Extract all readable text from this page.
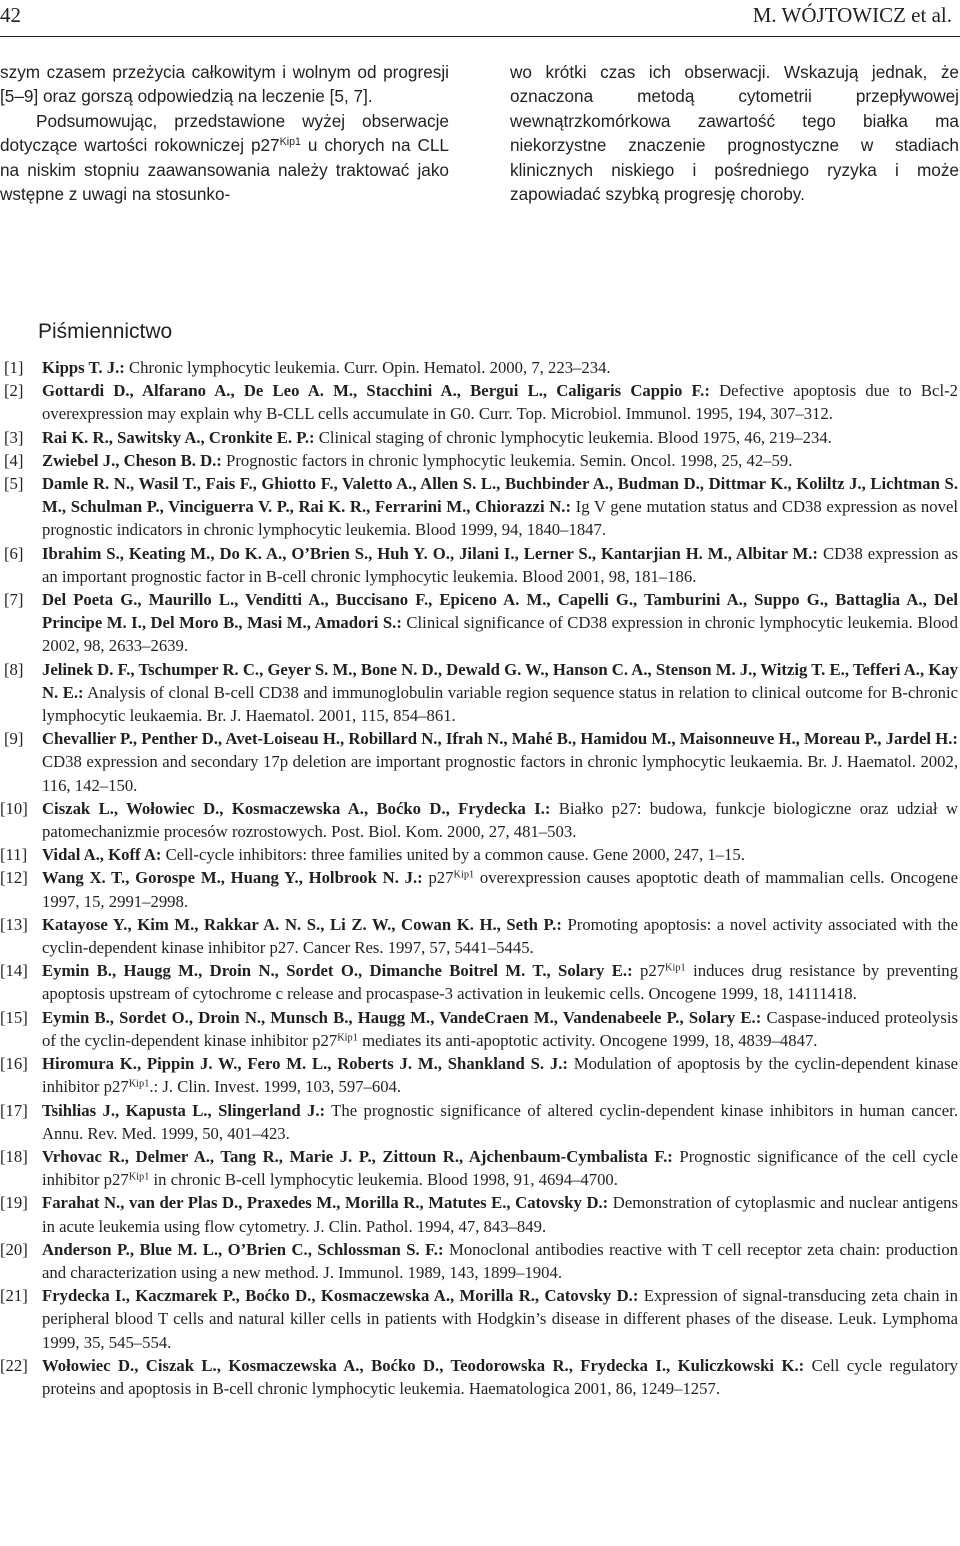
42	M. WÓJTOWICZ et al.

szym czasem przeżycia całkowitym i wolnym od progresji [5–9] oraz gorszą odpowiedzią na leczenie [5, 7].

Podsumowując, przedstawione wyżej obserwacje dotyczące wartości rokowniczej $p27^{Kip1}$ u chorych na CLL na niskim stopniu zaawansowania należy traktować jako wstępne z uwagi na stosunko-

wo krótki czas ich obserwacji. Wskazują jednak, że oznaczona metodą cytometrii przepływowej wewnątrzkomórkowa zawartość tego białka ma niekorzystne znaczenie prognostyczne w stadiach klinicznych niskiego i pośredniego ryzyka i może zapowiadać szybką progresję choroby.

Piśmiennictwo
[1] Kipps T. J.: Chronic lymphocytic leukemia. Curr. Opin. Hematol. 2000, 7, 223–234.
[2] Gottardi D., Alfarano A., De Leo A. M., Stacchini A., Bergui L., Caligaris Cappio F.: Defective apoptosis due to Bcl-2 overexpression may explain why B-CLL cells accumulate in G0. Curr. Top. Microbiol. Immunol. 1995, 194, 307–312.
[3] Rai K. R., Sawitsky A., Cronkite E. P.: Clinical staging of chronic lymphocytic leukemia. Blood 1975, 46, 219–234.
[4] Zwiebel J., Cheson B. D.: Prognostic factors in chronic lymphocytic leukemia. Semin. Oncol. 1998, 25, 42–59.
[5] Damle R. N., Wasil T., Fais F., Ghiotto F., Valetto A., Allen S. L., Buchbinder A., Budman D., Dittmar K., Koliltz J., Lichtman S. M., Schulman P., Vinciguerra V. P., Rai K. R., Ferrarini M., Chiorazzi N.: Ig V gene mutation status and CD38 expression as novel prognostic indicators in chronic lymphocytic leukemia. Blood 1999, 94, 1840–1847.
[6] Ibrahim S., Keating M., Do K. A., O’Brien S., Huh Y. O., Jilani I., Lerner S., Kantarjian H. M., Albitar M.: CD38 expression as an important prognostic factor in B-cell chronic lymphocytic leukemia. Blood 2001, 98, 181–186.
[7] Del Poeta G., Maurillo L., Venditti A., Buccisano F., Epiceno A. M., Capelli G., Tamburini A., Suppo G., Battaglia A., Del Principe M. I., Del Moro B., Masi M., Amadori S.: Clinical significance of CD38 expression in chronic lymphocytic leukemia. Blood 2002, 98, 2633–2639.
[8] Jelinek D. F., Tschumper R. C., Geyer S. M., Bone N. D., Dewald G. W., Hanson C. A., Stenson M. J., Witzig T. E., Tefferi A., Kay N. E.: Analysis of clonal B-cell CD38 and immunoglobulin variable region sequence status in relation to clinical outcome for B-chronic lymphocytic leukaemia. Br. J. Haematol. 2001, 115, 854–861.
[9] Chevallier P., Penther D., Avet-Loiseau H., Robillard N., Ifrah N., Mahé B., Hamidou M., Maisonneuve H., Moreau P., Jardel H.: CD38 expression and secondary 17p deletion are important prognostic factors in chronic lymphocytic leukaemia. Br. J. Haematol. 2002, 116, 142–150.
[10] Ciszak L., Wołowiec D., Kosmaczewska A., Boćko D., Frydecka I.: Białko p27: budowa, funkcje biologiczne oraz udział w patomechanizmie procesów rozrostowych. Post. Biol. Kom. 2000, 27, 481–503.
[11] Vidal A., Koff A: Cell-cycle inhibitors: three families united by a common cause. Gene 2000, 247, 1–15.
[12] Wang X. T., Gorospe M., Huang Y., Holbrook N. J.: $p27^{Kip1}$ overexpression causes apoptotic death of mammalian cells. Oncogene 1997, 15, 2991–2998.
[13] Katayose Y., Kim M., Rakkar A. N. S., Li Z. W., Cowan K. H., Seth P.: Promoting apoptosis: a novel activity associated with the cyclin-dependent kinase inhibitor p27. Cancer Res. 1997, 57, 5441–5445.
[14] Eymin B., Haugg M., Droin N., Sordet O., Dimanche Boitrel M. T., Solary E.: $p27^{Kip1}$ induces drug resistance by preventing apoptosis upstream of cytochrome c release and procaspase-3 activation in leukemic cells. Oncogene 1999, 18, 14111418.
[15] Eymin B., Sordet O., Droin N., Munsch B., Haugg M., VandeCraen M., Vandenabeele P., Solary E.: Caspase-induced proteolysis of the cyclin-dependent kinase inhibitor $p27^{Kip1}$ mediates its anti-apoptotic activity. Oncogene 1999, 18, 4839–4847.
[16] Hiromura K., Pippin J. W., Fero M. L., Roberts J. M., Shankland S. J.: Modulation of apoptosis by the cyclin-dependent kinase inhibitor $p27^{Kip1}$.: J. Clin. Invest. 1999, 103, 597–604.
[17] Tsihlias J., Kapusta L., Slingerland J.: The prognostic significance of altered cyclin-dependent kinase inhibitors in human cancer. Annu. Rev. Med. 1999, 50, 401–423.
[18] Vrhovac R., Delmer A., Tang R., Marie J. P., Zittoun R., Ajchenbaum-Cymbalista F.: Prognostic significance of the cell cycle inhibitor $p27^{Kip1}$ in chronic B-cell lymphocytic leukemia. Blood 1998, 91, 4694–4700.
[19] Farahat N., van der Plas D., Praxedes M., Morilla R., Matutes E., Catovsky D.: Demonstration of cytoplasmic and nuclear antigens in acute leukemia using flow cytometry. J. Clin. Pathol. 1994, 47, 843–849.
[20] Anderson P., Blue M. L., O’Brien C., Schlossman S. F.: Monoclonal antibodies reactive with T cell receptor zeta chain: production and characterization using a new method. J. Immunol. 1989, 143, 1899–1904.
[21] Frydecka I., Kaczmarek P., Boćko D., Kosmaczewska A., Morilla R., Catovsky D.: Expression of signal-transducing zeta chain in peripheral blood T cells and natural killer cells in patients with Hodgkin’s disease in different phases of the disease. Leuk. Lymphoma 1999, 35, 545–554.
[22] Wołowiec D., Ciszak L., Kosmaczewska A., Boćko D., Teodorowska R., Frydecka I., Kuliczkowski K.: Cell cycle regulatory proteins and apoptosis in B-cell chronic lymphocytic leukemia. Haematologica 2001, 86, 1249–1257.
